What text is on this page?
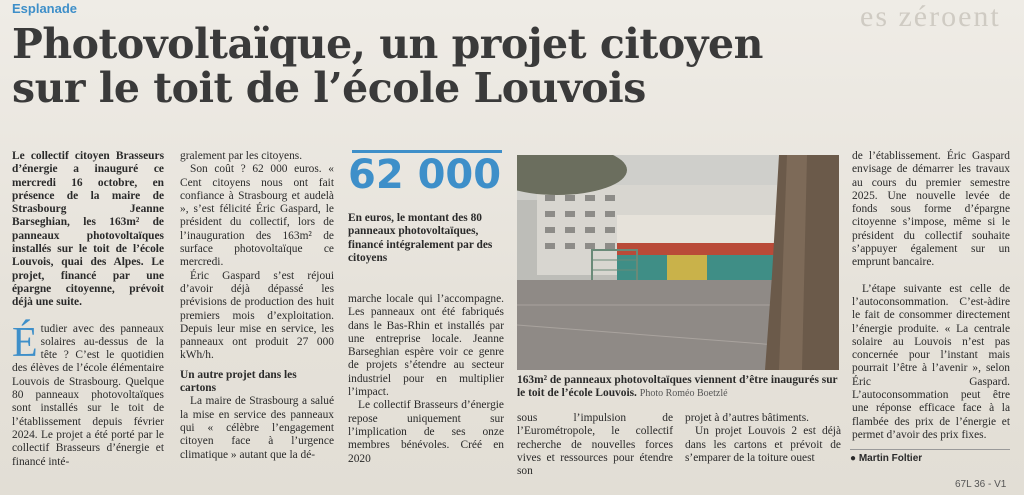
Esplanade	es zéroent
Photovoltaïque, un projet citoyen
sur le toit de l’école Louvois

Le collectif citoyen Brasseurs d’énergie a inauguré ce mercredi 16 octobre, en présence de la maire de Strasbourg Jeanne Barseghian, les 163m² de panneaux photovoltaïques installés sur le toit de l’école Louvois, quai des Alpes. Le projet, financé par une épargne citoyenne, prévoit déjà une suite.

Étudier avec des panneaux solaires au-dessus de la tête ? C’est le quotidien des élèves de l’école élémentaire Louvois de Strasbourg. Quelque 80 panneaux photovoltaïques sont installés sur le toit de l’établissement depuis février 2024. Le projet a été porté par le collectif Brasseurs d’énergie et financé inté-

gralement par les citoyens.

Son coût ? 62 000 euros. « Cent citoyens nous ont fait confiance à Strasbourg et audelà », s’est félicité Éric Gaspard, le président du collectif, lors de l’inauguration des 163m² de surface photovoltaïque ce mercredi.

Éric Gaspard s’est réjoui d’avoir déjà dépassé les prévisions de production des huit premiers mois d’exploitation. Depuis leur mise en service, les panneaux ont produit 27 000 kWh/h.

Un autre projet dans les cartons

La maire de Strasbourg a salué la mise en service des panneaux qui « célèbre l’engagement citoyen face à l’urgence climatique » autant que la dé-

62 000
En euros, le montant des 80 panneaux photovoltaïques, financé intégralement par des citoyens

marche locale qui l’accompagne. Les panneaux ont été fabriqués dans le Bas-Rhin et installés par une entreprise locale. Jeanne Barseghian espère voir ce genre de projets s’étendre au secteur industriel pour en multiplier l’impact.

Le collectif Brasseurs d’énergie repose uniquement sur l’implication de ses onze membres bénévoles. Créé en 2020

163m² de panneaux photovoltaïques viennent d’être inaugurés sur le toit de l’école Louvois. Photo Roméo Boetzlé

sous l’impulsion de l’Eurométropole, le collectif recherche de nouvelles forces vives et ressources pour étendre son

projet à d’autres bâtiments.

Un projet Louvois 2 est déjà dans les cartons et prévoit de s’emparer de la toiture ouest

de l’établissement. Éric Gaspard envisage de démarrer les travaux au cours du premier semestre 2025. Une nouvelle levée de fonds sous forme d’épargne citoyenne s’impose, même si le président du collectif souhaite s’appuyer également sur un emprunt bancaire.

L’étape suivante est celle de l’autoconsommation. C’est-àdire le fait de consommer directement l’énergie produite. « La centrale solaire au Louvois n’est pas concernée pour l’instant mais pourrait l’être à l’avenir », selon Éric Gaspard. L’autoconsommation peut être une réponse efficace face à la flambée des prix de l’énergie et permet d’avoir des prix fixes.

● Martin Foltier
67L 36 - V1
